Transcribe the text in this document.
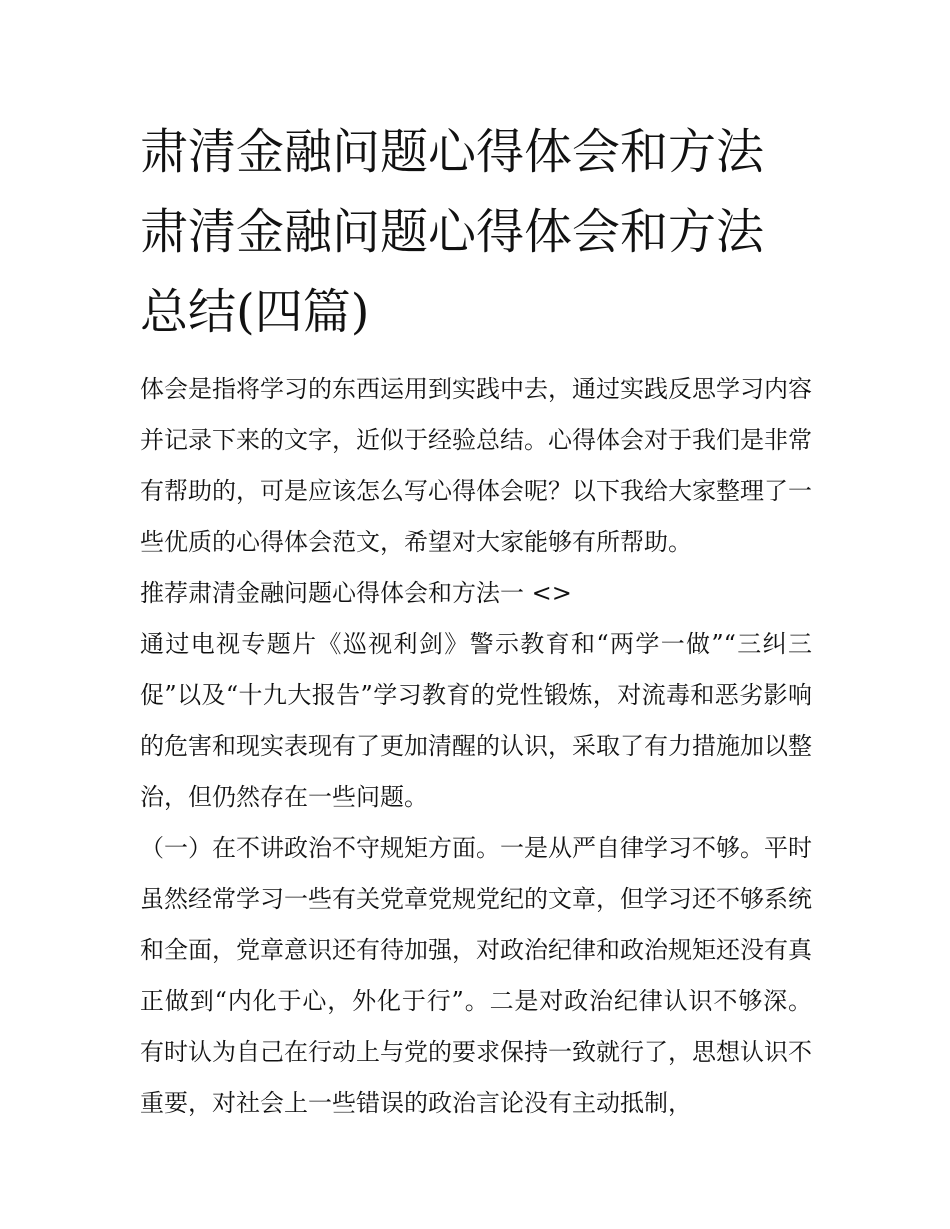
肃清金融问题心得体会和方法
肃清金融问题心得体会和方法
总结(四篇)

体会是指将学习的东西运用到实践中去，通过实践反思学习内容并记录下来的文字，近似于经验总结。心得体会对于我们是非常有帮助的，可是应该怎么写心得体会呢？以下我给大家整理了一些优质的心得体会范文，希望对大家能够有所帮助。

推荐肃清金融问题心得体会和方法一 <>

通过电视专题片《巡视利剑》警示教育和“两学一做”“三纠三促”以及“十九大报告”学习教育的党性锻炼，对流毒和恶劣影响的危害和现实表现有了更加清醒的认识，采取了有力措施加以整治，但仍然存在一些问题。

（一）在不讲政治不守规矩方面。一是从严自律学习不够。平时虽然经常学习一些有关党章党规党纪的文章，但学习还不够系统和全面，党章意识还有待加强，对政治纪律和政治规矩还没有真正做到“内化于心，外化于行”。二是对政治纪律认识不够深。有时认为自己在行动上与党的要求保持一致就行了，思想认识不重要，对社会上一些错误的政治言论没有主动抵制，
